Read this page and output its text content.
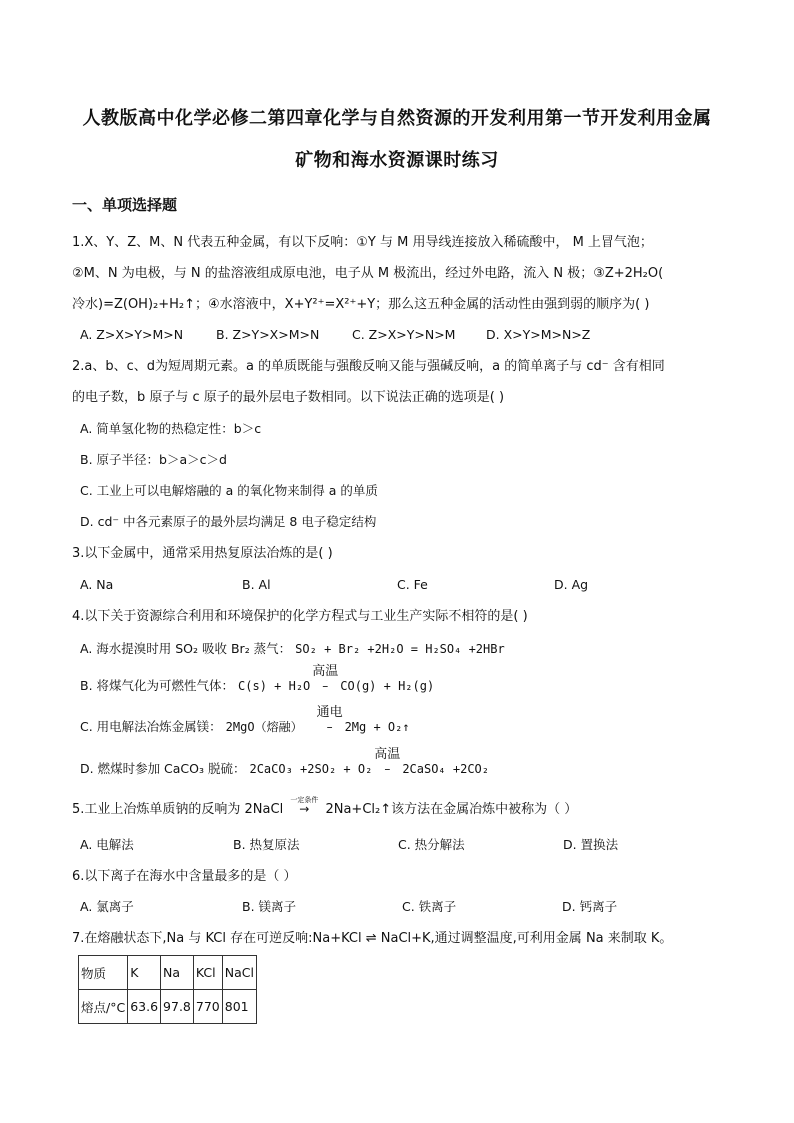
人教版高中化学必修二第四章化学与自然资源的开发利用第一节开发利用金属
矿物和海水资源课时练习
一、单项选择题
1.X、Y、Z、M、N 代表五种金属，有以下反响：①Y 与 M 用导线连接放入稀硫酸中， M 上冒气泡；
②M、N 为电极，与 N 的盐溶液组成原电池，电子从 M 极流出，经过外电路，流入 N 极；③Z+2H₂O(
冷水)=Z(OH)₂+H₂↑；④水溶液中，X+Y²⁺=X²⁺+Y；那么这五种金属的活动性由强到弱的顺序为( )
A. Z>X>Y>M>N	B. Z>Y>X>M>N	C. Z>X>Y>N>M D. X>Y>M>N>Z
2.a、b、c、d为短周期元素。a 的单质既能与强酸反响又能与强碱反响，a 的简单离子与 cd⁻ 含有相同
的电子数，b 原子与 c 原子的最外层电子数相同。以下说法正确的选项是( )
A. 简单氢化物的热稳定性：b＞c
B. 原子半径：b＞a＞c＞d
C. 工业上可以电解熔融的 a 的氧化物来制得 a 的单质
D. cd⁻ 中各元素原子的最外层均满足 8 电子稳定结构
3.以下金属中，通常采用热复原法冶炼的是( )
A. Na	B. Al	C. Fe	D. Ag
4.以下关于资源综合利用和环境保护的化学方程式与工业生产实际不相符的是( )
A. 海水提溴时用 SO₂ 吸收 Br₂ 蒸气： SO₂ + Br₂ +2H₂O = H₂SO₄ +2HBr
B. 将煤气化为可燃性气体： C(s) + H₂O
高温
– CO(g) + H₂(g)
C. 用电解法冶炼金属镁： 2MgO（熔融）
通电
– 2Mg + O₂↑
D. 燃煤时参加 CaCO₃ 脱硫： 2CaCO₃ +2SO₂ + O₂
高温
– 2CaSO₄ +2CO₂
5.工业上冶炼单质钠的反响为 2NaCl
一定条件
→ 2Na+Cl₂↑该方法在金属冶炼中被称为（ ）
A. 电解法	B. 热复原法	C. 热分解法	D. 置换法
6.以下离子在海水中含量最多的是（ ）
A. 氯离子	B. 镁离子	C. 铁离子	D. 钙离子
7.在熔融状态下,Na 与 KCl 存在可逆反响:Na+KCl ⇌ NaCl+K,通过调整温度,可利用金属 Na 来制取 K。
物质	K	Na	KCl	NaCl
熔点/°C	63.6	97.8	770	801
